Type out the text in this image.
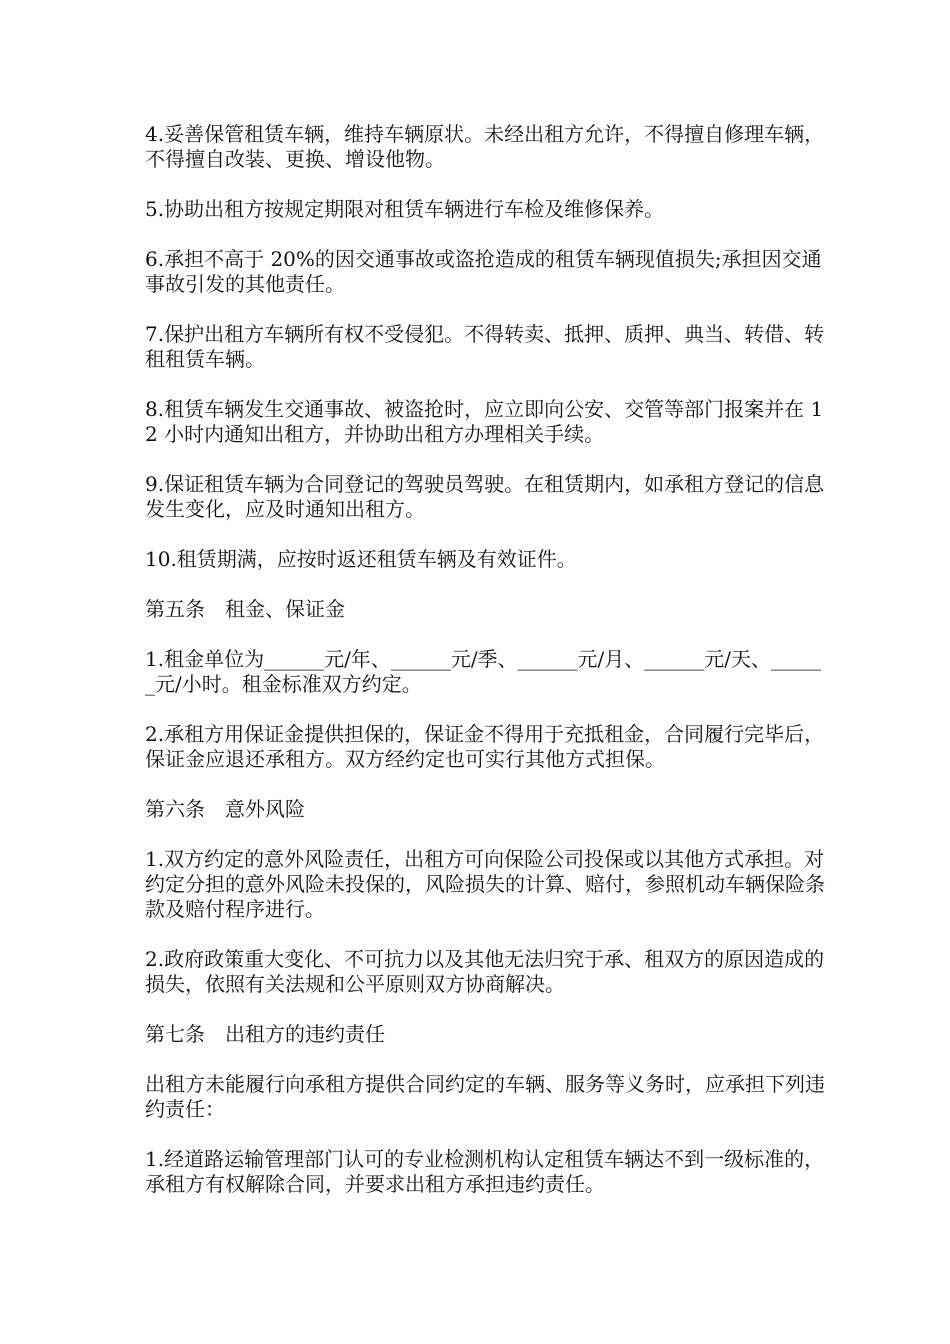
4.妥善保管租赁车辆，维持车辆原状。未经出租方允许，不得擅自修理车辆，不得擅自改装、更换、增设他物。

5.协助出租方按规定期限对租赁车辆进行车检及维修保养。

6.承担不高于 20%的因交通事故或盗抢造成的租赁车辆现值损失;承担因交通事故引发的其他责任。

7.保护出租方车辆所有权不受侵犯。不得转卖、抵押、质押、典当、转借、转租租赁车辆。

8.租赁车辆发生交通事故、被盗抢时，应立即向公安、交管等部门报案并在 12 小时内通知出租方，并协助出租方办理相关手续。

9.保证租赁车辆为合同登记的驾驶员驾驶。在租赁期内，如承租方登记的信息发生变化，应及时通知出租方。

10.租赁期满，应按时返还租赁车辆及有效证件。

第五条　租金、保证金

1.租金单位为______元/年、______元/季、______元/月、______元/天、______元/小时。租金标准双方约定。

2.承租方用保证金提供担保的，保证金不得用于充抵租金，合同履行完毕后，保证金应退还承租方。双方经约定也可实行其他方式担保。

第六条　意外风险

1.双方约定的意外风险责任，出租方可向保险公司投保或以其他方式承担。对约定分担的意外风险未投保的，风险损失的计算、赔付，参照机动车辆保险条款及赔付程序进行。

2.政府政策重大变化、不可抗力以及其他无法归究于承、租双方的原因造成的损失，依照有关法规和公平原则双方协商解决。

第七条　出租方的违约责任

出租方未能履行向承租方提供合同约定的车辆、服务等义务时，应承担下列违约责任：

1.经道路运输管理部门认可的专业检测机构认定租赁车辆达不到一级标准的，承租方有权解除合同，并要求出租方承担违约责任。
